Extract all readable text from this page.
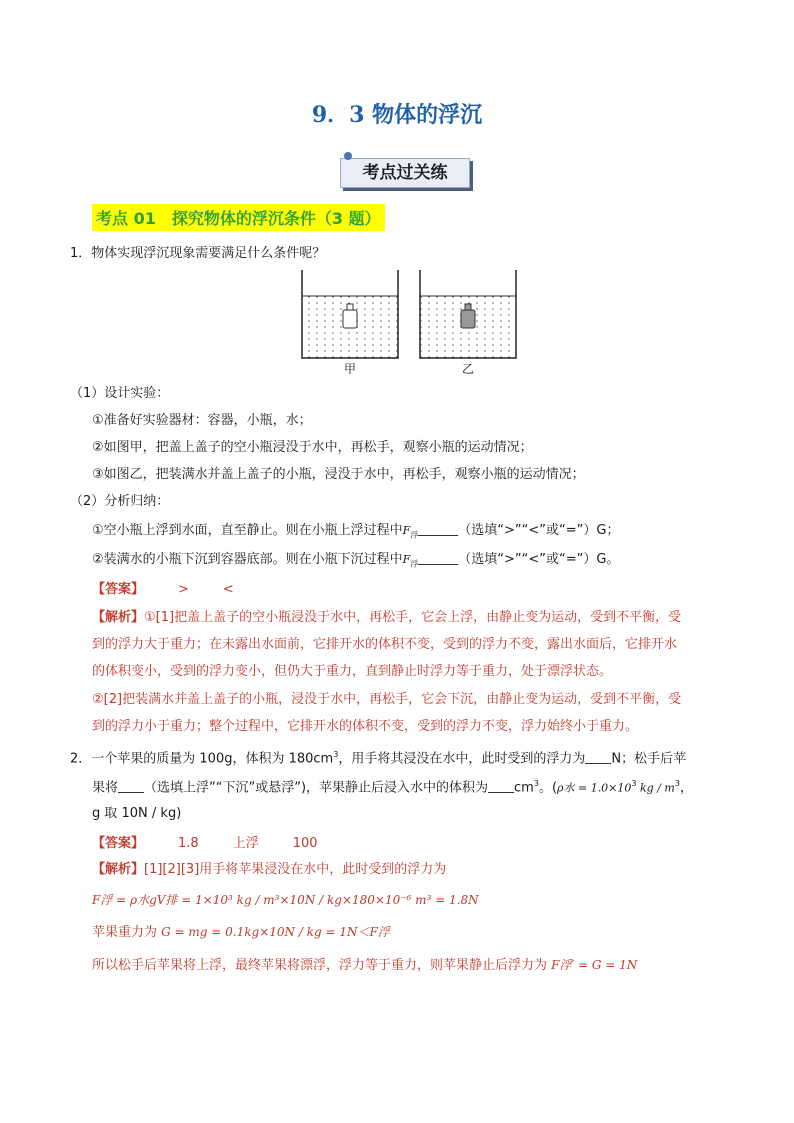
9．3 物体的浮沉
考点过关练
考点 01　探究物体的浮沉条件（3 题）
1．物体实现浮沉现象需要满足什么条件呢？
甲	乙
（1）设计实验：
①准备好实验器材：容器，小瓶，水；
②如图甲，把盖上盖子的空小瓶浸没于水中，再松手，观察小瓶的运动情况；
③如图乙，把装满水并盖上盖子的小瓶，浸没于水中，再松手，观察小瓶的运动情况；
（2）分析归纳：
①空小瓶上浮到水面，直至静止。则在小瓶上浮过程中$F_浮$	（选填“>”“<”或“=”）G；
②装满水的小瓶下沉到容器底部。则在小瓶下沉过程中$F_浮$	（选填“>”“<”或“=”）G。
【答案】	>	<
【解析】①[1]把盖上盖子的空小瓶浸没于水中，再松手，它会上浮，由静止变为运动，受到不平衡，受
到的浮力大于重力；在未露出水面前，它排开水的体积不变，受到的浮力不变，露出水面后，它排开水
的体积变小，受到的浮力变小，但仍大于重力，直到静止时浮力等于重力，处于漂浮状态。
②[2]把装满水并盖上盖子的小瓶，浸没于水中，再松手，它会下沉，由静止变为运动，受到不平衡，受
到的浮力小于重力；整个过程中，它排开水的体积不变，受到的浮力不变，浮力始终小于重力。
2．一个苹果的质量为 100g，体积为 $180cm^3$，用手将其浸没在水中，此时受到的浮力为 N；松手后苹
果将 （选填上浮”“下沉”或悬浮”)，苹果静止后浸入水中的体积为 $cm^3$。(ρ水 = $1.0\times 10^3$ kg / $m^3$，
g 取 10N / kg)
【答案】	1.8	上浮	100
【解析】[1][2][3]用手将苹果浸没在水中，此时受到的浮力为
F浮 = ρ水gV排 = 1×10³ kg / m³×10N / kg×180×10⁻⁶ m³ = 1.8N
苹果重力为 G = mg = 0.1kg×10N / kg = 1N＜F浮
所以松手后苹果将上浮，最终苹果将漂浮，浮力等于重力，则苹果静止后浮力为 F浮′ = G = 1N
